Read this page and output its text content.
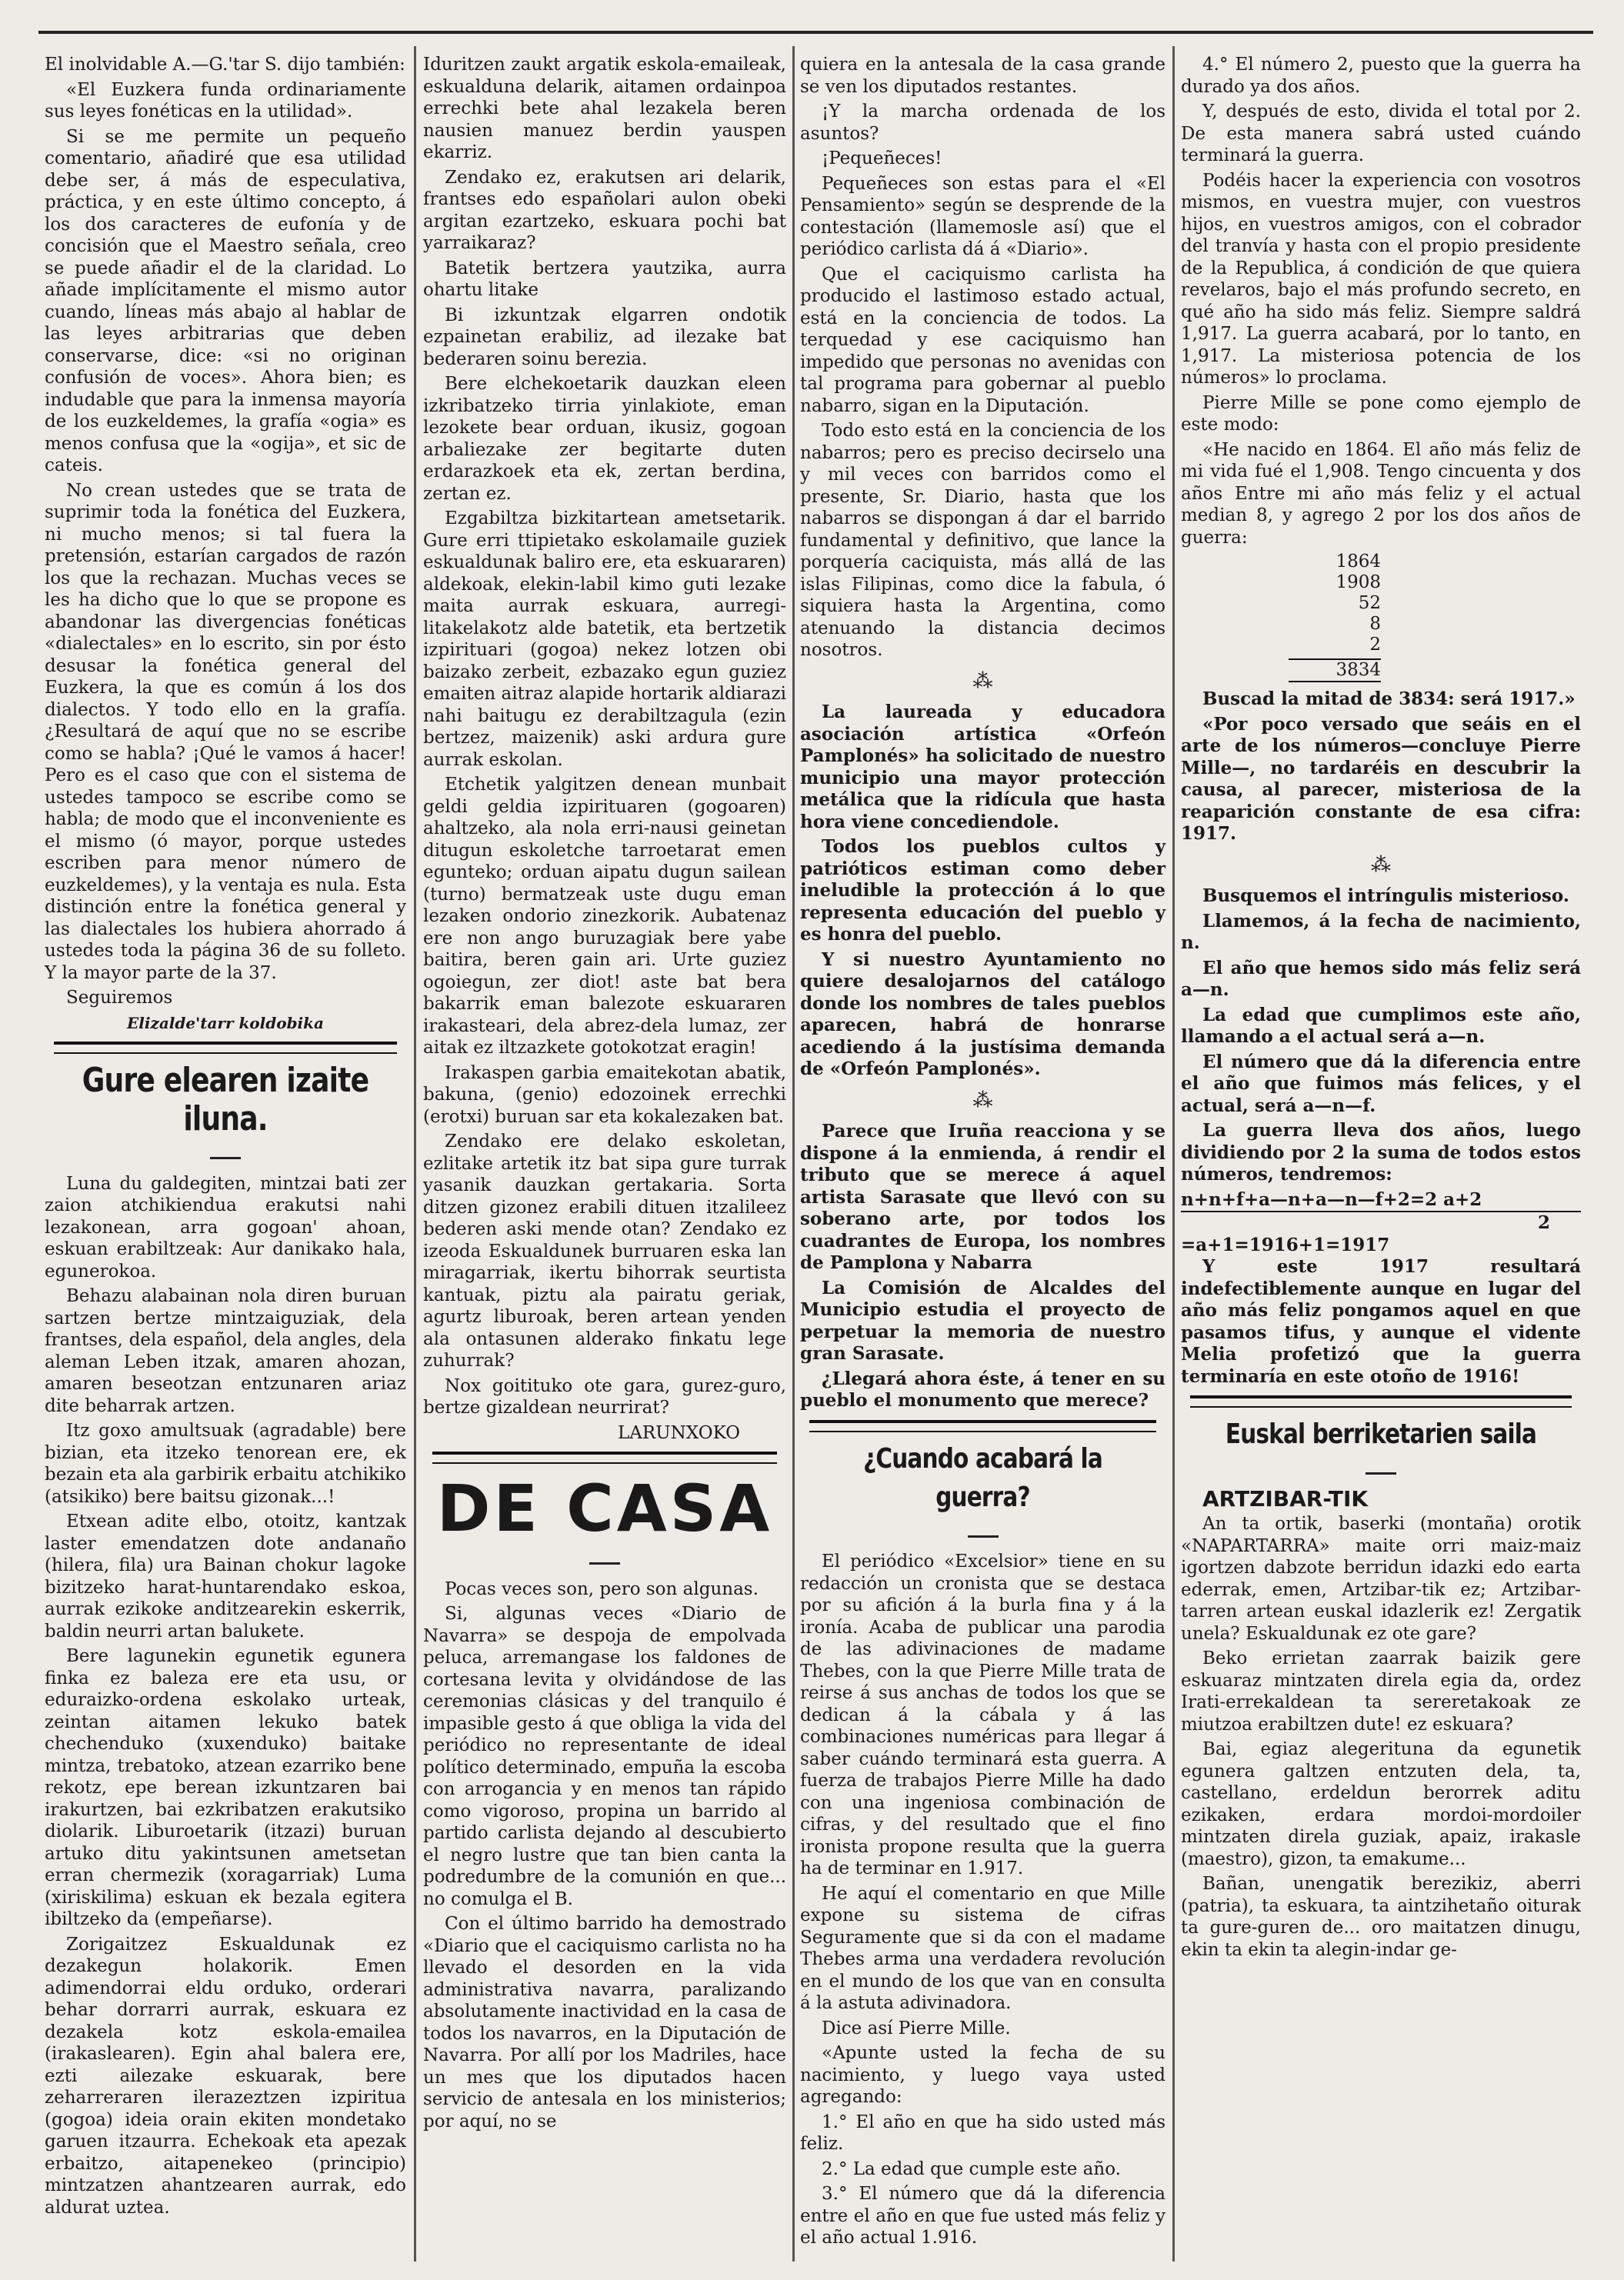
El inolvidable A.—G.'tar S. dijo también:

«El Euzkera funda ordinariamente sus leyes fonéticas en la utilidad».

Si se me permite un pequeño comentario, añadiré que esa utilidad debe ser, á más de especulativa, práctica, y en este último concepto, á los dos caracteres de eufonía y de concisión que el Maestro señala, creo se puede añadir el de la claridad. Lo añade implícitamente el mismo autor cuando, líneas más abajo al hablar de las leyes arbitrarias que deben conservarse, dice: «si no originan confusión de voces». Ahora bien; es indudable que para la inmensa mayoría de los euzkeldemes, la grafía «ogia» es menos confusa que la «ogija», et sic de cateis.

No crean ustedes que se trata de suprimir toda la fonética del Euzkera, ni mucho menos; si tal fuera la pretensión, estarían cargados de razón los que la rechazan. Muchas veces se les ha dicho que lo que se propone es abandonar las divergencias fonéticas «dialectales» en lo escrito, sin por ésto desusar la fonética general del Euzkera, la que es común á los dos dialectos. Y todo ello en la grafía. ¿Resultará de aquí que no se escribe como se habla? ¡Qué le vamos á hacer! Pero es el caso que con el sistema de ustedes tampoco se escribe como se habla; de modo que el inconveniente es el mismo (ó mayor, porque ustedes escriben para menor número de euzkeldemes), y la ventaja es nula. Esta distinción entre la fonética general y las dialectales los hubiera ahorrado á ustedes toda la página 36 de su folleto. Y la mayor parte de la 37.

Seguiremos

Elizalde'tarr koldobika

Gure elearen izaite iluna.

Luna du galdegiten, mintzai bati zer zaion atchikiendua erakutsi nahi lezakonean, arra gogoan' ahoan, eskuan erabiltzeak: Aur danikako hala, egunerokoa.

Behazu alabainan nola diren buruan sartzen bertze mintzaiguziak, dela frantses, dela español, dela angles, dela aleman Leben itzak, amaren ahozan, amaren beseotzan entzunaren ariaz dite beharrak artzen.

Itz goxo amultsuak (agradable) bere bizian, eta itzeko tenorean ere, ek bezain eta ala garbirik erbaitu atchikiko (atsikiko) bere baitsu gizonak...!

Etxean adite elbo, otoitz, kantzak laster emendatzen dote andanaño (hilera, fila) ura Bainan chokur lagoke bizitzeko harat-huntarendako eskoa, aurrak ezikoke anditzearekin eskerrik, baldin neurri artan balukete.

Bere lagunekin egunetik egunera finka ez baleza ere eta usu, or eduraizko-ordena eskolako urteak, zeintan aitamen lekuko batek chechenduko (xuxenduko) baitake mintza, trebatoko, atzean ezarriko bene rekotz, epe berean izkuntzaren bai irakurtzen, bai ezkribatzen erakutsiko diolarik. Liburoetarik (itzazi) buruan artuko ditu yakintsunen ametsetan erran chermezik (xoragarriak) Luma (xiriskilima) eskuan ek bezala egitera ibiltzeko da (empeñarse).

Zorigaitzez Eskualdunak ez dezakegun holakorik. Emen adimendorrai eldu orduko, orderari behar dorrarri aurrak, eskuara ez dezakela kotz eskola-emailea (irakaslearen). Egin ahal balera ere, ezti ailezake eskuarak, bere zeharreraren ilerazeztzen izpiritua (gogoa) ideia orain ekiten mondetako garuen itzaurra. Echekoak eta apezak erbaitzo, aitapenekeo (principio) mintzatzen ahantzearen aurrak, edo aldurat uztea.

Iduritzen zaukt argatik eskola-emaileak, eskualduna delarik, aitamen ordainpoa errechki bete ahal lezakela beren nausien manuez berdin yauspen ekarriz.

Zendako ez, erakutsen ari delarik, frantses edo españolari aulon obeki argitan ezartzeko, eskuara pochi bat yarraikaraz?

Batetik bertzera yautzika, aurra ohartu litake

Bi izkuntzak elgarren ondotik ezpainetan erabiliz, ad ilezake bat bederaren soinu berezia.

Bere elchekoetarik dauzkan eleen izkribatzeko tirria yinlakiote, eman lezokete bear orduan, ikusiz, gogoan arbaliezake zer begitarte duten erdarazkoek eta ek, zertan berdina, zertan ez.

Ezgabiltza bizkitartean ametsetarik. Gure erri ttipietako eskolamaile guziek eskualdunak baliro ere, eta eskuararen) aldekoak, elekin-labil kimo guti lezake maita aurrak eskuara, aurregi-litakelakotz alde batetik, eta bertzetik izpirituari (gogoa) nekez lotzen obi baizako zerbeit, ezbazako egun guziez emaiten aitraz alapide hortarik aldiarazi nahi baitugu ez derabiltzagula (ezin bertzez, maizenik) aski ardura gure aurrak eskolan.

Etchetik yalgitzen denean munbait geldi geldia izpirituaren (gogoaren) ahaltzeko, ala nola erri-nausi geinetan ditugun eskoletche tarroetarat emen egunteko; orduan aipatu dugun sailean (turno) bermatzeak uste dugu eman lezaken ondorio zinezkorik. Aubatenaz ere non ango buruzagiak bere yabe baitira, beren gain ari. Urte guziez ogoiegun, zer diot! aste bat bera bakarrik eman balezote eskuararen irakasteari, dela abrez-dela lumaz, zer aitak ez iltzazkete gotokotzat eragin!

Irakaspen garbia emaitekotan abatik, bakuna, (genio) edozoinek errechki (erotxi) buruan sar eta kokalezaken bat.

Zendako ere delako eskoletan, ezlitake artetik itz bat sipa gure turrak yasanik dauzkan gertakaria. Sorta ditzen gizonez erabili dituen itzalileez bederen aski mende otan? Zendako ez izeoda Eskualdunek burruaren eska lan miragarriak, ikertu bihorrak seurtista kantuak, piztu ala pairatu geriak, agurtz liburoak, beren artean yenden ala ontasunen alderako finkatu lege zuhurrak?

Nox goitituko ote gara, gurez-guro, bertze gizaldean neurrirat?

LARUNXOKO

DE CASA

Pocas veces son, pero son algunas.

Si, algunas veces «Diario de Navarra» se despoja de empolvada peluca, arremangase los faldones de cortesana levita y olvidándose de las ceremonias clásicas y del tranquilo é impasible gesto á que obliga la vida del periódico no representante de ideal político determinado, empuña la escoba con arrogancia y en menos tan rápido como vigoroso, propina un barrido al partido carlista dejando al descubierto el negro lustre que tan bien canta la podredumbre de la comunión en que... no comulga el B.

Con el último barrido ha demostrado «Diario que el caciquismo carlista no ha llevado el desorden en la vida administrativa navarra, paralizando absolutamente inactividad en la casa de todos los navarros, en la Diputación de Navarra. Por allí por los Madriles, hace un mes que los diputados hacen servicio de antesala en los ministerios; por aquí, no se

quiera en la antesala de la casa grande se ven los diputados restantes.

¡Y la marcha ordenada de los asuntos?

¡Pequeñeces!

Pequeñeces son estas para el «El Pensamiento» según se desprende de la contestación (llamemosle así) que el periódico carlista dá á «Diario».

Que el caciquismo carlista ha producido el lastimoso estado actual, está en la conciencia de todos. La terquedad y ese caciquismo han impedido que personas no avenidas con tal programa para gobernar al pueblo nabarro, sigan en la Diputación.

Todo esto está en la conciencia de los nabarros; pero es preciso decirselo una y mil veces con barridos como el presente, Sr. Diario, hasta que los nabarros se dispongan á dar el barrido fundamental y definitivo, que lance la porquería caciquista, más allá de las islas Filipinas, como dice la fabula, ó siquiera hasta la Argentina, como atenuando la distancia decimos nosotros.

⁂

La laureada y educadora asociación artística «Orfeón Pamplonés» ha solicitado de nuestro municipio una mayor protección metálica que la ridícula que hasta hora viene concediendole.

Todos los pueblos cultos y patrióticos estiman como deber ineludible la protección á lo que representa educación del pueblo y es honra del pueblo.

Y si nuestro Ayuntamiento no quiere desalojarnos del catálogo donde los nombres de tales pueblos aparecen, habrá de honrarse acediendo á la justísima demanda de «Orfeón Pamplonés».

⁂

Parece que Iruña reacciona y se dispone á la enmienda, á rendir el tributo que se merece á aquel artista Sarasate que llevó con su soberano arte, por todos los cuadrantes de Europa, los nombres de Pamplona y Nabarra

La Comisión de Alcaldes del Municipio estudia el proyecto de perpetuar la memoria de nuestro gran Sarasate.

¿Llegará ahora éste, á tener en su pueblo el monumento que merece?

¿Cuando acabará la guerra?

El periódico «Excelsior» tiene en su redacción un cronista que se destaca por su afición á la burla fina y á la ironía. Acaba de publicar una parodia de las adivinaciones de madame Thebes, con la que Pierre Mille trata de reirse á sus anchas de todos los que se dedican á la cábala y á las combinaciones numéricas para llegar á saber cuándo terminará esta guerra. A fuerza de trabajos Pierre Mille ha dado con una ingeniosa combinación de cifras, y del resultado que el fino ironista propone resulta que la guerra ha de terminar en 1.917.

He aquí el comentario en que Mille expone su sistema de cifras Seguramente que si da con el madame Thebes arma una verdadera revolución en el mundo de los que van en consulta á la astuta adivinadora.

Dice así Pierre Mille.

«Apunte usted la fecha de su nacimiento, y luego vaya usted agregando:

1.° El año en que ha sido usted más feliz.

2.° La edad que cumple este año.

3.° El número que dá la diferencia entre el año en que fue usted más feliz y el año actual 1.916.

4.° El número 2, puesto que la guerra ha durado ya dos años.

Y, después de esto, divida el total por 2. De esta manera sabrá usted cuándo terminará la guerra.

Podéis hacer la experiencia con vosotros mismos, en vuestra mujer, con vuestros hijos, en vuestros amigos, con el cobrador del tranvía y hasta con el propio presidente de la Republica, á condición de que quiera revelaros, bajo el más profundo secreto, en qué año ha sido más feliz. Siempre saldrá 1,917. La guerra acabará, por lo tanto, en 1,917. La misteriosa potencia de los números» lo proclama.

Pierre Mille se pone como ejemplo de este modo:

«He nacido en 1864. El año más feliz de mi vida fué el 1,908. Tengo cincuenta y dos años Entre mi año más feliz y el actual median 8, y agrego 2 por los dos años de guerra:

1864
1908
52
8
2
3834

Buscad la mitad de 3834: será 1917.»

«Por poco versado que seáis en el arte de los números—concluye Pierre Mille—, no tardaréis en descubrir la causa, al parecer, misteriosa de la reaparición constante de esa cifra: 1917.

⁂

Busquemos el intríngulis misterioso.

Llamemos, á la fecha de nacimiento, n.

El año que hemos sido más feliz será a—n.

La edad que cumplimos este año, llamando a el actual será a—n.

El número que dá la diferencia entre el año que fuimos más felices, y el actual, será a—n—f.

La guerra lleva dos años, luego dividiendo por 2 la suma de todos estos números, tendremos:

n+n+f+a—n+a—n—f+2=2 a+2
2
=a+1=1916+1=1917

Y este 1917 resultará indefectiblemente aunque en lugar del año más feliz pongamos aquel en que pasamos tifus, y aunque el vidente Melia profetizó que la guerra terminaría en este otoño de 1916!

Euskal berriketarien saila

ARTZIBAR-TIK

An ta ortik, baserki (montaña) orotik «NAPARTARRA» maite orri maiz-maiz igortzen dabzote berridun idazki edo earta ederrak, emen, Artzibar-tik ez; Artzibar-tarren artean euskal idazlerik ez! Zergatik unela? Eskualdunak ez ote gare?

Beko errietan zaarrak baizik gere eskuaraz mintzaten direla egia da, ordez Irati-errekaldean ta sereretakoak ze miutzoa erabiltzen dute! ez eskuara?

Bai, egiaz alegerituna da egunetik egunera galtzen entzuten dela, ta, castellano, erdeldun berorrek aditu ezikaken, erdara mordoi-mordoiler mintzaten direla guziak, apaiz, irakasle (maestro), gizon, ta emakume...

Bañan, unengatik berezikiz, aberri (patria), ta eskuara, ta aintzihetaño oiturak ta gure-guren de... oro maitatzen dinugu, ekin ta ekin ta alegin-indar ge-
